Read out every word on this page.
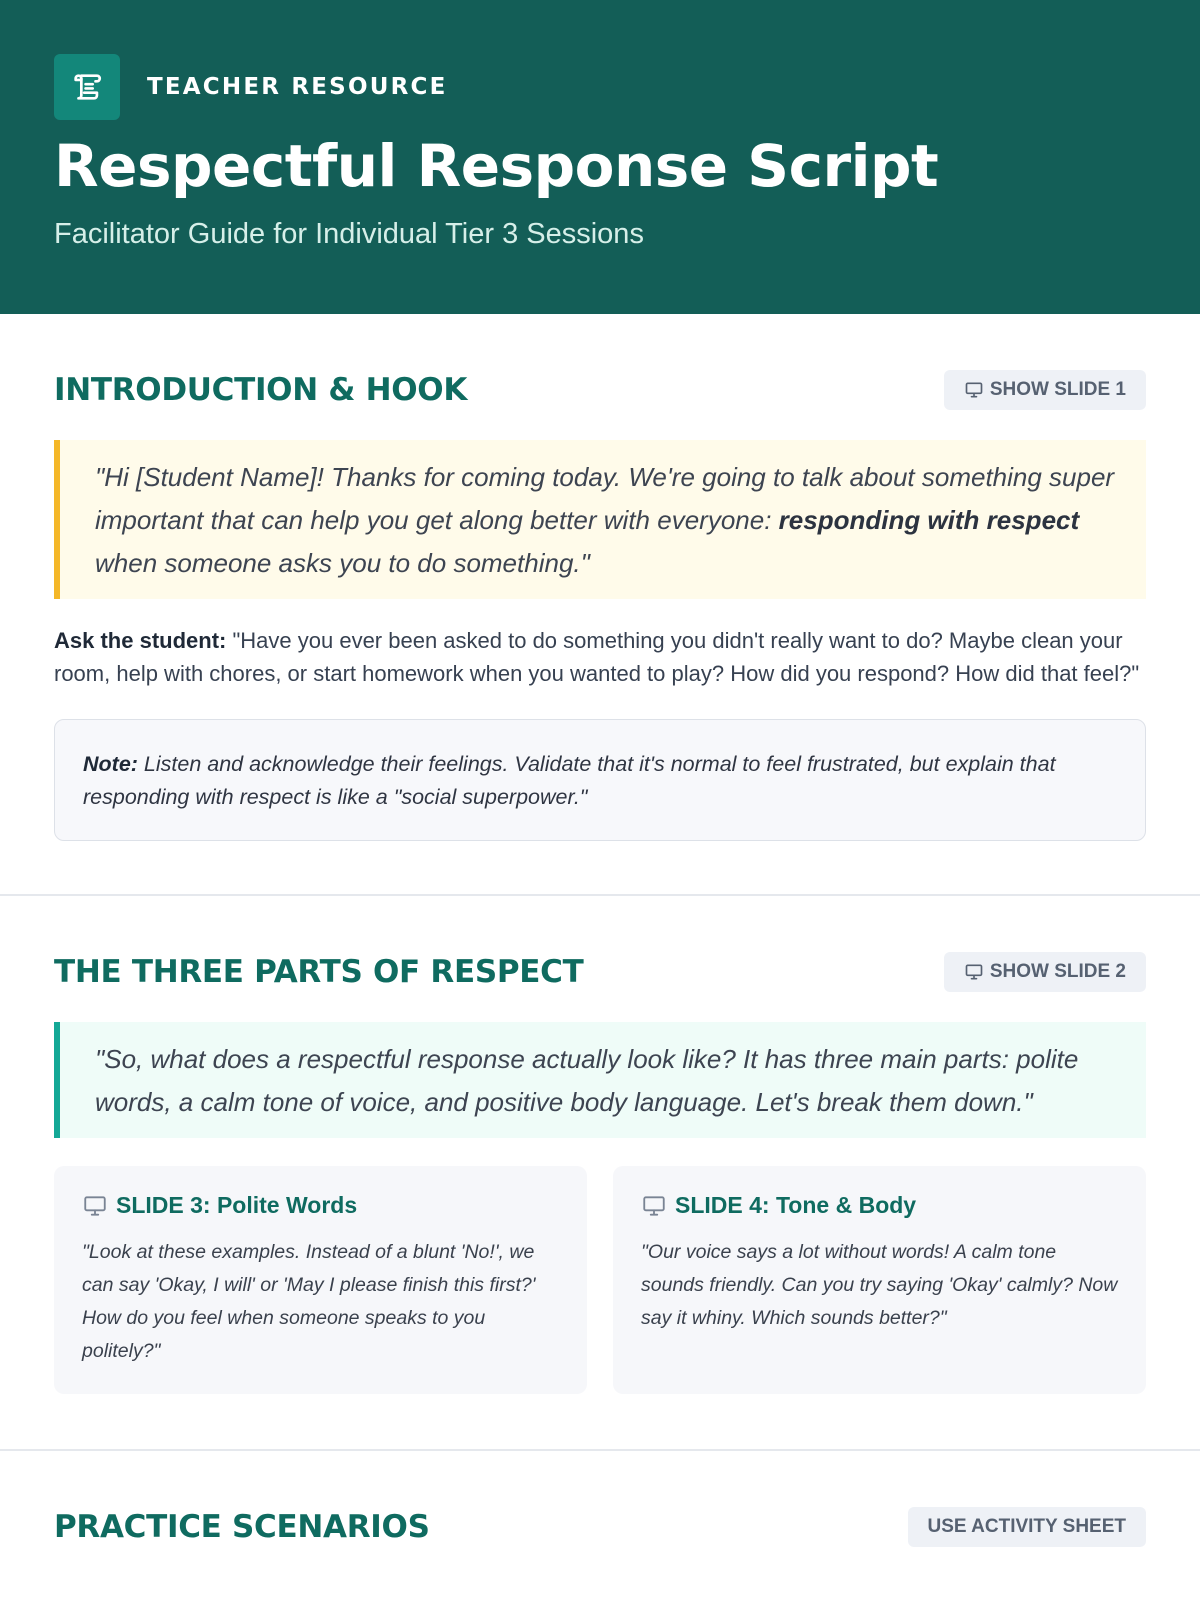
TEACHER RESOURCE
Respectful Response Script
Facilitator Guide for Individual Tier 3 Sessions
INTRODUCTION & HOOK	SHOW SLIDE 1
"Hi [Student Name]! Thanks for coming today. We're going to talk about something super important that can help you get along better with everyone: responding with respect when someone asks you to do something."

Ask the student: "Have you ever been asked to do something you didn't really want to do? Maybe clean your room, help with chores, or start homework when you wanted to play? How did you respond? How did that feel?"

Note: Listen and acknowledge their feelings. Validate that it's normal to feel frustrated, but explain that responding with respect is like a "social superpower."
THE THREE PARTS OF RESPECT	SHOW SLIDE 2
"So, what does a respectful response actually look like? It has three main parts: polite words, a calm tone of voice, and positive body language. Let's break them down."
SLIDE 3: Polite Words

"Look at these examples. Instead of a blunt 'No!', we can say 'Okay, I will' or 'May I please finish this first?' How do you feel when someone speaks to you politely?"

SLIDE 4: Tone & Body

"Our voice says a lot without words! A calm tone sounds friendly. Can you try saying 'Okay' calmly? Now say it whiny. Which sounds better?"

PRACTICE SCENARIOS	USE ACTIVITY SHEET
